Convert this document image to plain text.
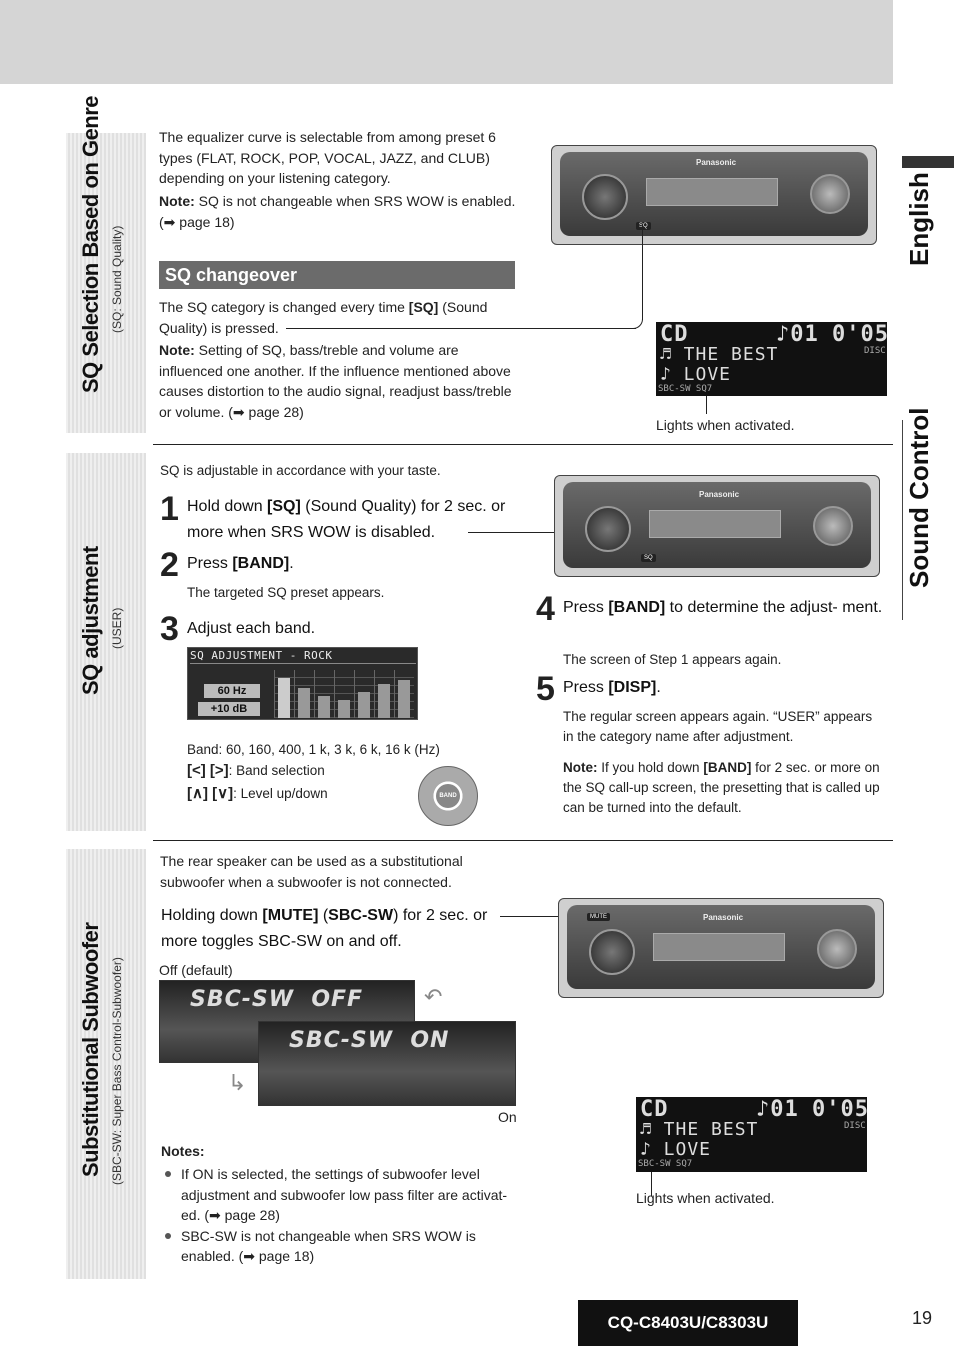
English
Sound Control
SQ Selection Based on Genre (SQ: Sound Quality)

The equalizer curve is selectable from among preset 6 types (FLAT, ROCK, POP, VOCAL, JAZZ, and CLUB) depending on your listening category.

Note: SQ is not changeable when SRS WOW is enabled. (➡ page 18)

SQ changeover

The SQ category is changed every time [SQ] (Sound Quality) is pressed.

Note: Setting of SQ, bass/treble and volume are influenced one another. If the influence mentioned above causes distortion to the audio signal, readjust bass/treble or volume. (➡ page 28)

Panasonic
SQ
CD	♪01 0'05
DISC
♬ THE BEST
♪ LOVE
SBC-SW SQ7

Lights when activated.

SQ adjustment (USER)

SQ is adjustable in accordance with your taste.

1 Hold down [SQ] (Sound Quality) for 2 sec. or more when SRS WOW is disabled.
2 Press [BAND].

The targeted SQ preset appears.

3 Adjust each band.
SQ ADJUSTMENT - ROCK
60 Hz
+10 dB

Band: 60, 160, 400, 1 k, 3 k, 6 k, 16 k (Hz)

[<] [>]: Band selection

[∧] [∨]: Level up/down	BAND
Panasonic
SQ
4 Press [BAND] to determine the adjust- ment.

The screen of Step 1 appears again.

5 Press [DISP].

The regular screen appears again. “USER” appears in the category name after adjustment.

Note: If you hold down [BAND] for 2 sec. or more on the SQ call-up screen, the presetting that is called up can be turned into the default.

Substitutional Subwoofer (SBC-SW: Super Bass Control-Subwoofer)

The rear speaker can be used as a substitutional subwoofer when a subwoofer is not connected.

Holding down [MUTE] (SBC-SW) for 2 sec. or more toggles SBC-SW on and off.

Off (default)

SBC-SW  OFF
SBC-SW  ON
↶
↳

On

Notes:

If ON is selected, the settings of subwoofer level adjustment and subwoofer low pass filter are activat- ed. (➡ page 28)

SBC-SW is not changeable when SRS WOW is enabled. (➡ page 18)

Panasonic
MUTE
CD	♪01 0'05
DISC
♬ THE BEST
♪ LOVE
SBC-SW SQ7

Lights when activated.

CQ-C8403U/C8303U	19
